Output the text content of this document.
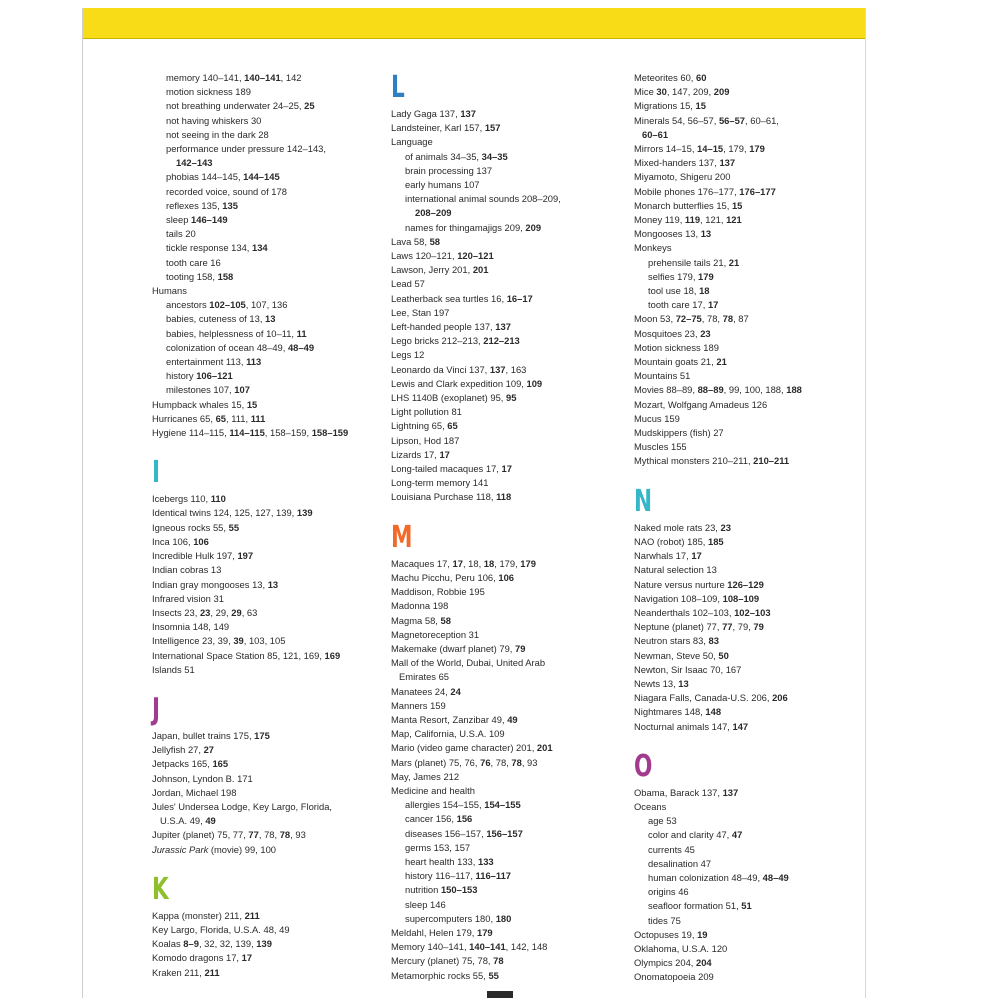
memory 140–141, 140–141, 142
motion sickness 189
not breathing underwater 24–25, 25
not having whiskers 30
not seeing in the dark 28
performance under pressure 142–143,
142–143
phobias 144–145, 144–145
recorded voice, sound of 178
reflexes 135, 135
sleep 146–149
tails 20
tickle response 134, 134
tooth care 16
tooting 158, 158
Humans
ancestors 102–105, 107, 136
babies, cuteness of 13, 13
babies, helplessness of 10–11, 11
colonization of ocean 48–49, 48–49
entertainment 113, 113
history 106–121
milestones 107, 107
Humpback whales 15, 15
Hurricanes 65, 65, 111, 111
Hygiene 114–115, 114–115, 158–159, 158–159
I
Icebergs 110, 110
Identical twins 124, 125, 127, 139, 139
Igneous rocks 55, 55
Inca 106, 106
Incredible Hulk 197, 197
Indian cobras 13
Indian gray mongooses 13, 13
Infrared vision 31
Insects 23, 23, 29, 29, 63
Insomnia 148, 149
Intelligence 23, 39, 39, 103, 105
International Space Station 85, 121, 169, 169
Islands 51
J
Japan, bullet trains 175, 175
Jellyfish 27, 27
Jetpacks 165, 165
Johnson, Lyndon B. 171
Jordan, Michael 198
Jules' Undersea Lodge, Key Largo, Florida,
U.S.A. 49, 49
Jupiter (planet) 75, 77, 77, 78, 78, 93
Jurassic Park (movie) 99, 100
K
Kappa (monster) 211, 211
Key Largo, Florida, U.S.A. 48, 49
Koalas 8–9, 32, 32, 139, 139
Komodo dragons 17, 17
Kraken 211, 211
L
Lady Gaga 137, 137
Landsteiner, Karl 157, 157
Language
of animals 34–35, 34–35
brain processing 137
early humans 107
international animal sounds 208–209,
208–209
names for thingamajigs 209, 209
Lava 58, 58
Laws 120–121, 120–121
Lawson, Jerry 201, 201
Lead 57
Leatherback sea turtles 16, 16–17
Lee, Stan 197
Left-handed people 137, 137
Lego bricks 212–213, 212–213
Legs 12
Leonardo da Vinci 137, 137, 163
Lewis and Clark expedition 109, 109
LHS 1140B (exoplanet) 95, 95
Light pollution 81
Lightning 65, 65
Lipson, Hod 187
Lizards 17, 17
Long-tailed macaques 17, 17
Long-term memory 141
Louisiana Purchase 118, 118
M
Macaques 17, 17, 18, 18, 179, 179
Machu Picchu, Peru 106, 106
Maddison, Robbie 195
Madonna 198
Magma 58, 58
Magnetoreception 31
Makemake (dwarf planet) 79, 79
Mall of the World, Dubai, United Arab
Emirates 65
Manatees 24, 24
Manners 159
Manta Resort, Zanzibar 49, 49
Map, California, U.S.A. 109
Mario (video game character) 201, 201
Mars (planet) 75, 76, 76, 78, 78, 93
May, James 212
Medicine and health
allergies 154–155, 154–155
cancer 156, 156
diseases 156–157, 156–157
germs 153, 157
heart health 133, 133
history 116–117, 116–117
nutrition 150–153
sleep 146
supercomputers 180, 180
Meldahl, Helen 179, 179
Memory 140–141, 140–141, 142, 148
Mercury (planet) 75, 78, 78
Metamorphic rocks 55, 55
Meteorites 60, 60
Mice 30, 147, 209, 209
Migrations 15, 15
Minerals 54, 56–57, 56–57, 60–61,
60–61
Mirrors 14–15, 14–15, 179, 179
Mixed-handers 137, 137
Miyamoto, Shigeru 200
Mobile phones 176–177, 176–177
Monarch butterflies 15, 15
Money 119, 119, 121, 121
Mongooses 13, 13
Monkeys
prehensile tails 21, 21
selfies 179, 179
tool use 18, 18
tooth care 17, 17
Moon 53, 72–75, 78, 78, 87
Mosquitoes 23, 23
Motion sickness 189
Mountain goats 21, 21
Mountains 51
Movies 88–89, 88–89, 99, 100, 188, 188
Mozart, Wolfgang Amadeus 126
Mucus 159
Mudskippers (fish) 27
Muscles 155
Mythical monsters 210–211, 210–211
N
Naked mole rats 23, 23
NAO (robot) 185, 185
Narwhals 17, 17
Natural selection 13
Nature versus nurture 126–129
Navigation 108–109, 108–109
Neanderthals 102–103, 102–103
Neptune (planet) 77, 77, 79, 79
Neutron stars 83, 83
Newman, Steve 50, 50
Newton, Sir Isaac 70, 167
Newts 13, 13
Niagara Falls, Canada-U.S. 206, 206
Nightmares 148, 148
Nocturnal animals 147, 147
O
Obama, Barack 137, 137
Oceans
age 53
color and clarity 47, 47
currents 45
desalination 47
human colonization 48–49, 48–49
origins 46
seafloor formation 51, 51
tides 75
Octopuses 19, 19
Oklahoma, U.S.A. 120
Olympics 204, 204
Onomatopoeia 209
